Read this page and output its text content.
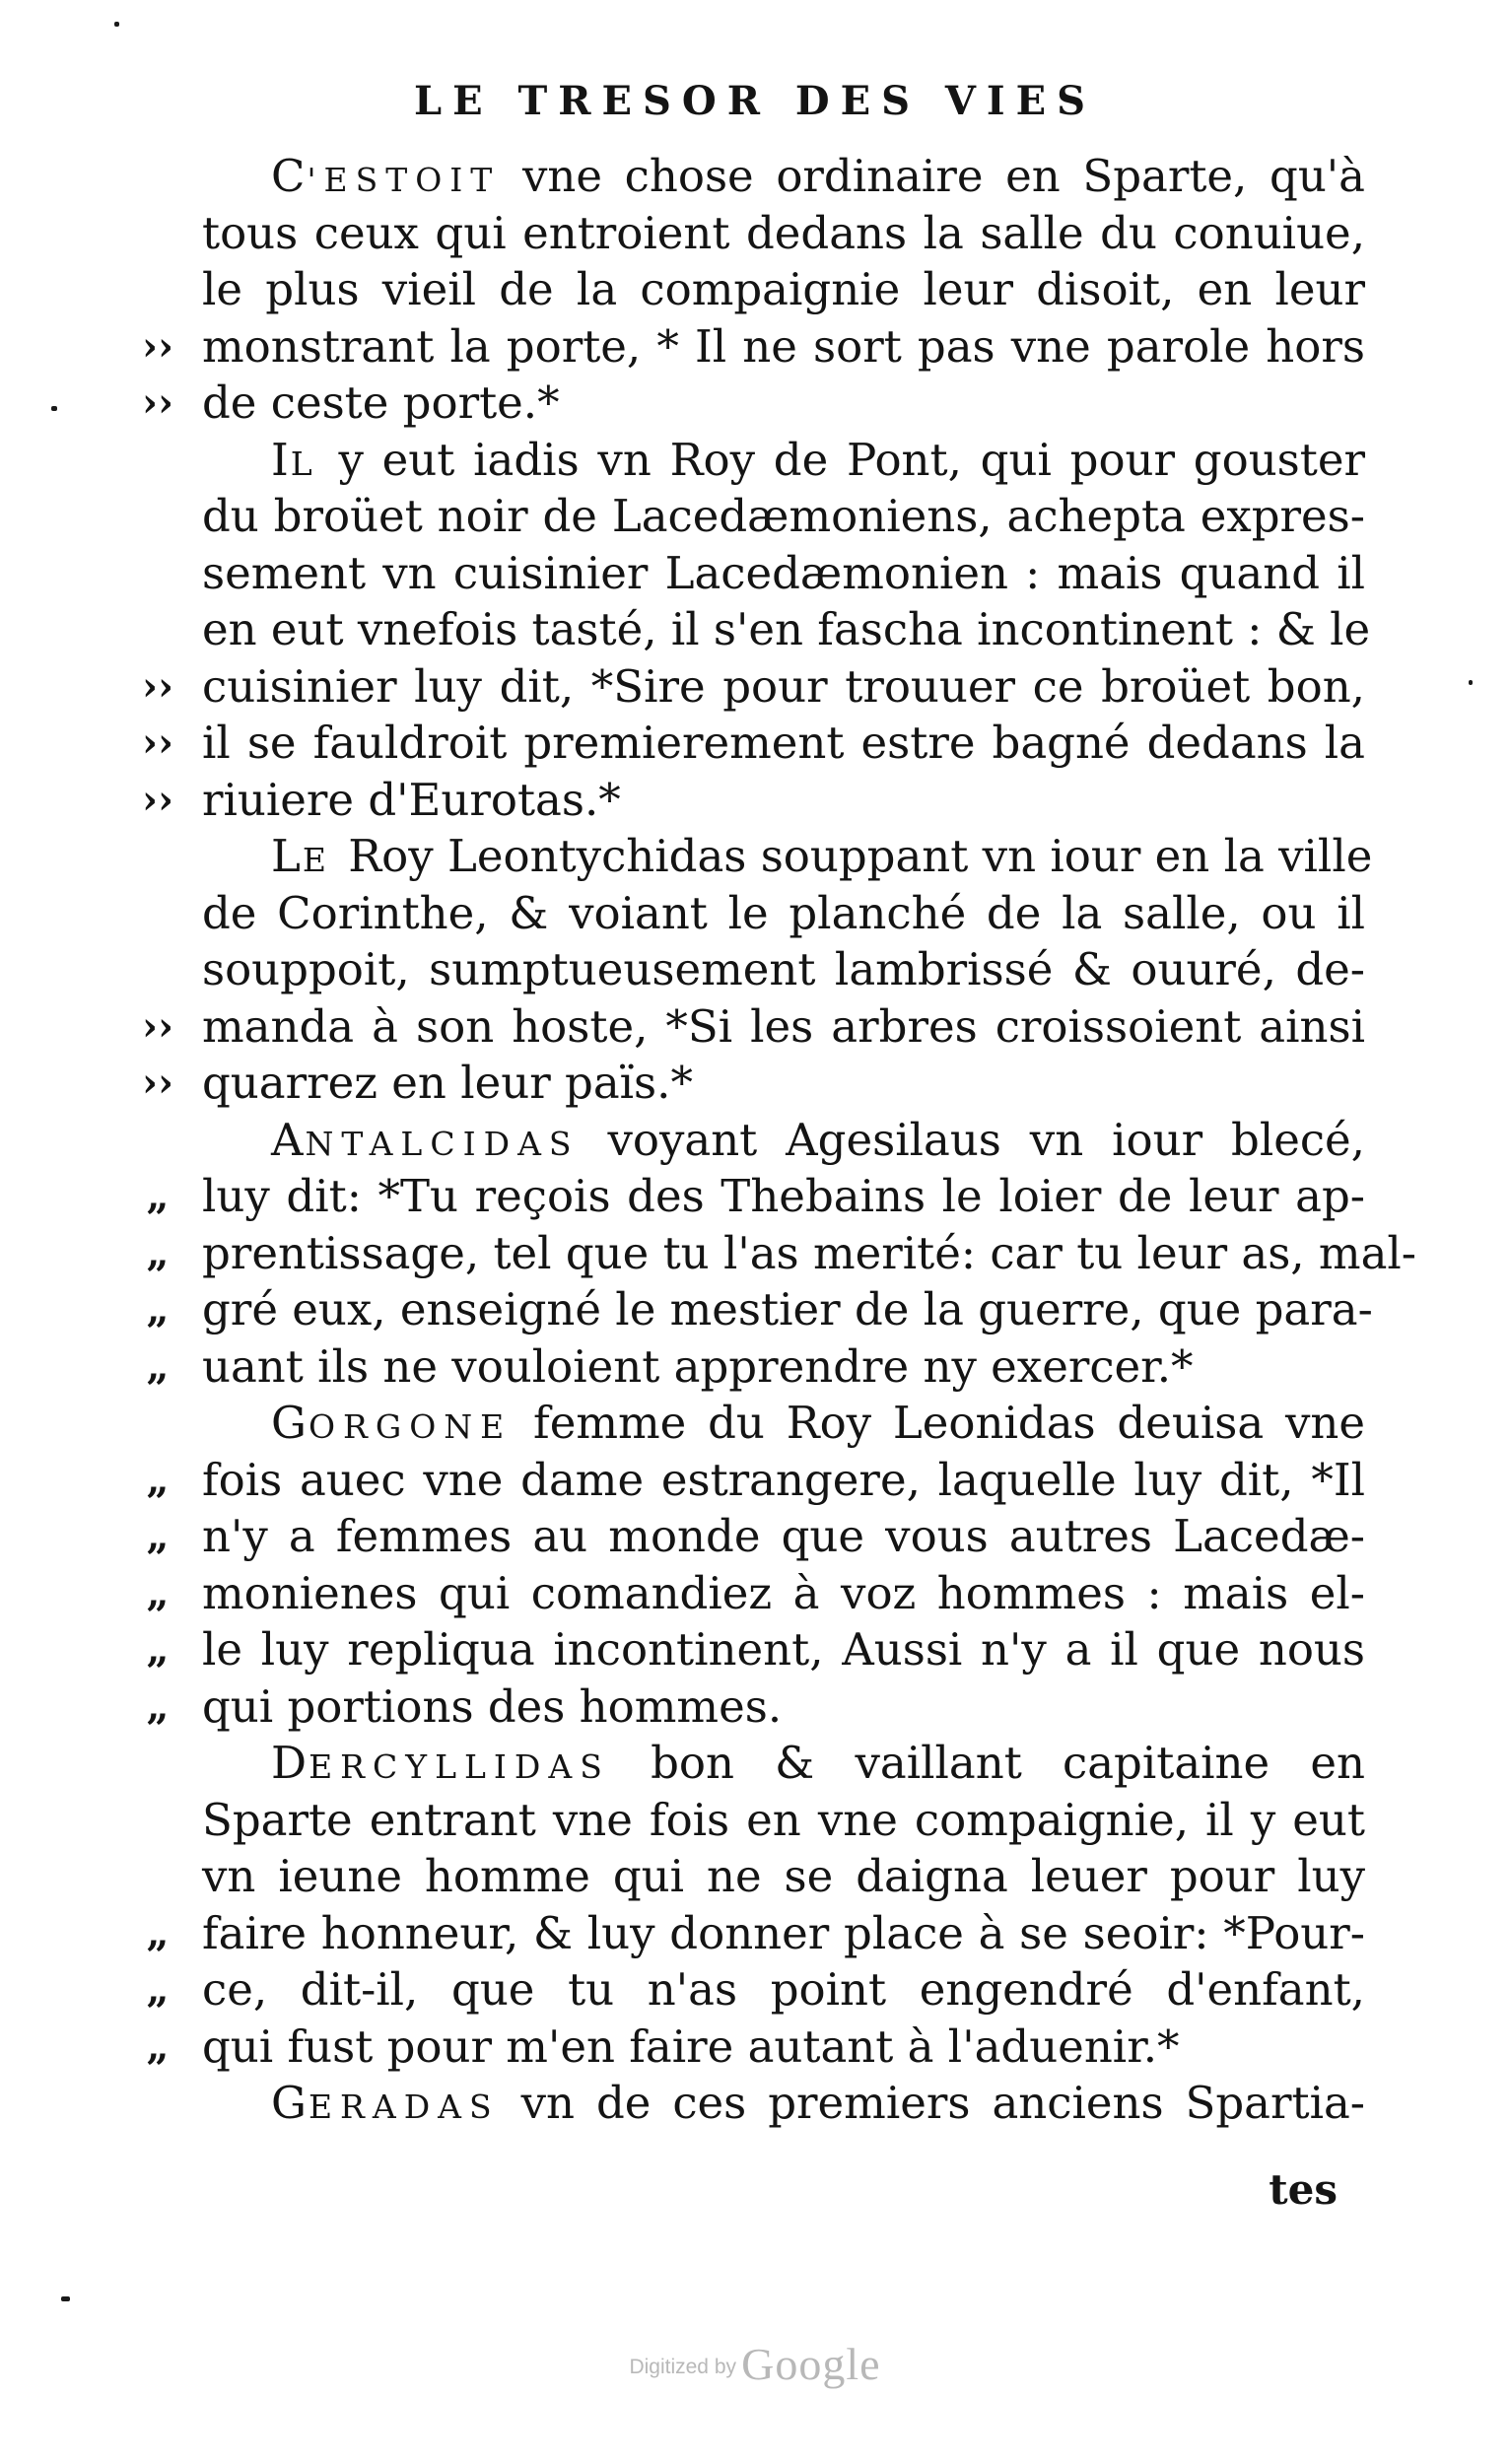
LE TRESOR DES VIES
C'ESTOIT vne chose ordinaire en Sparte, qu'à
tous ceux qui entroient dedans la salle du conuiue,
le plus vieil de la compaignie leur disoit, en leur
›› monstrant la porte, * Il ne sort pas vne parole hors
›› de ceste porte.*
IL y eut iadis vn Roy de Pont, qui pour gouster
du broüet noir de Lacedæmoniens, achepta expres-
sement vn cuisinier Lacedæmonien : mais quand il
en eut vnefois tasté, il s'en fascha incontinent : & le
›› cuisinier luy dit, *Sire pour trouuer ce broüet bon,
›› il se fauldroit premierement estre bagné dedans la
›› riuiere d'Eurotas.*
LE Roy Leontychidas souppant vn iour en la ville
de Corinthe, & voiant le planché de la salle, ou il
souppoit, sumptueusement lambrissé & ouuré, de-
›› manda à son hoste, *Si les arbres croissoient ainsi
›› quarrez en leur païs.*
ANTALCIDAS voyant Agesilaus vn iour blecé,
„ luy dit: *Tu reçois des Thebains le loier de leur ap-
„ prentissage, tel que tu l'as merité: car tu leur as, mal-
„ gré eux, enseigné le mestier de la guerre, que para-
„ uant ils ne vouloient apprendre ny exercer.*
GORGONE femme du Roy Leonidas deuisa vne
„ fois auec vne dame estrangere, laquelle luy dit, *Il
„ n'y a femmes au monde que vous autres Lacedæ-
„ monienes qui comandiez à voz hommes : mais el-
„ le luy repliqua incontinent, Aussi n'y a il que nous
„ qui portions des hommes.
DERCYLLIDAS bon & vaillant capitaine en
Sparte entrant vne fois en vne compaignie, il y eut
vn ieune homme qui ne se daigna leuer pour luy
„ faire honneur, & luy donner place à se seoir: *Pour-
„ ce, dit-il, que tu n'as point engendré d'enfant,
„ qui fust pour m'en faire autant à l'aduenir.*
GERADAS vn de ces premiers anciens Spartia-
tes
Digitized by Google
